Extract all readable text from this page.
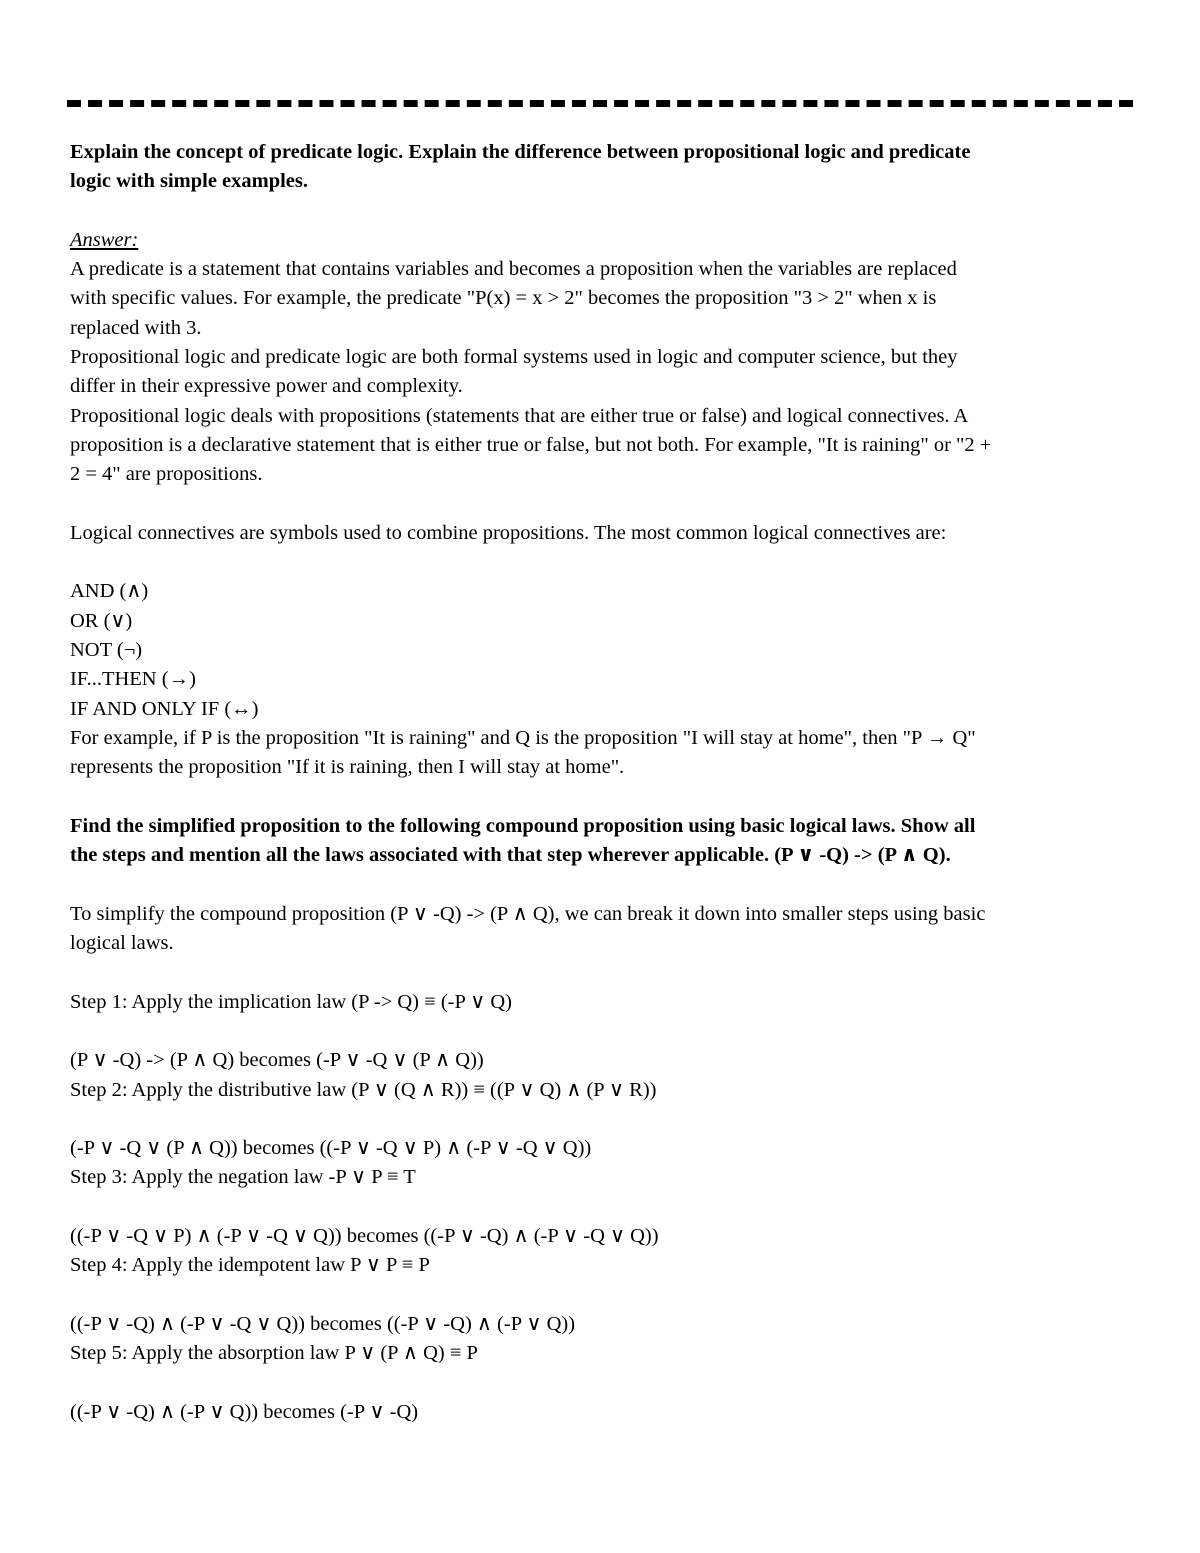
Explain the concept of predicate logic. Explain the difference between propositional logic and predicate
logic with simple examples.
Answer:
A predicate is a statement that contains variables and becomes a proposition when the variables are replaced
with specific values. For example, the predicate "P(x) = x > 2" becomes the proposition "3 > 2" when x is
replaced with 3.
Propositional logic and predicate logic are both formal systems used in logic and computer science, but they
differ in their expressive power and complexity.
Propositional logic deals with propositions (statements that are either true or false) and logical connectives. A
proposition is a declarative statement that is either true or false, but not both. For example, "It is raining" or "2 +
2 = 4" are propositions.
Logical connectives are symbols used to combine propositions. The most common logical connectives are:
AND (∧)
OR (∨)
NOT (¬)
IF...THEN (→)
IF AND ONLY IF (↔)
For example, if P is the proposition "It is raining" and Q is the proposition "I will stay at home", then "P → Q"
represents the proposition "If it is raining, then I will stay at home".
Find the simplified proposition to the following compound proposition using basic logical laws. Show all
the steps and mention all the laws associated with that step wherever applicable. (P ∨ -Q) -> (P ∧ Q).
To simplify the compound proposition (P ∨ -Q) -> (P ∧ Q), we can break it down into smaller steps using basic
logical laws.
Step 1: Apply the implication law (P -> Q) ≡ (-P ∨ Q)
(P ∨ -Q) -> (P ∧ Q) becomes (-P ∨ -Q ∨ (P ∧ Q))
Step 2: Apply the distributive law (P ∨ (Q ∧ R)) ≡ ((P ∨ Q) ∧ (P ∨ R))
(-P ∨ -Q ∨ (P ∧ Q)) becomes ((-P ∨ -Q ∨ P) ∧ (-P ∨ -Q ∨ Q))
Step 3: Apply the negation law -P ∨ P ≡ T
((-P ∨ -Q ∨ P) ∧ (-P ∨ -Q ∨ Q)) becomes ((-P ∨ -Q) ∧ (-P ∨ -Q ∨ Q))
Step 4: Apply the idempotent law P ∨ P ≡ P
((-P ∨ -Q) ∧ (-P ∨ -Q ∨ Q)) becomes ((-P ∨ -Q) ∧ (-P ∨ Q))
Step 5: Apply the absorption law P ∨ (P ∧ Q) ≡ P
((-P ∨ -Q) ∧ (-P ∨ Q)) becomes (-P ∨ -Q)
